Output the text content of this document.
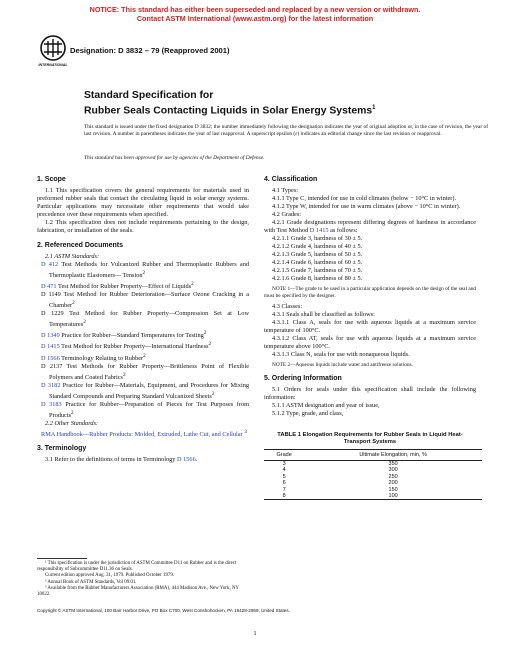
NOTICE: This standard has either been superseded and replaced by a new version or withdrawn.
Contact ASTM International (www.astm.org) for the latest information
INTERNATIONAL
Designation: D 3832 – 79 (Reapproved 2001)
Standard Specification for
Rubber Seals Contacting Liquids in Solar Energy Systems$^1$
This standard is issued under the fixed designation D 3832; the number immediately following the designation indicates the year of original adoption or, in the case of revision, the year of last revision. A number in parentheses indicates the year of last reapproval. A superscript epsilon (ε) indicates an editorial change since the last revision or reapproval.
This standard has been approved for use by agencies of the Department of Defense.
1. Scope

1.1 This specification covers the general requirements for materials used in preformed rubber seals that contact the circulating liquid in solar energy systems. Particular applications may necessitate other requirements that would take precedence over these requirements when specified.

1.2 This specification does not include requirements pertaining to the design, fabrication, or installation of the seals.

2. Referenced Documents

2.1 ASTM Standards:

D 412 Test Methods for Vulcanized Rubber and Thermoplastic Rubbers and Thermoplastic Elastomers— Tension$^2$

D 471 Test Method for Rubber Property—Effect of Liquids$^2$

D 1149 Test Method for Rubber Deterioration—Surface Ozone Cracking in a Chamber$^2$

D 1229 Test Method for Rubber Property—Compression Set at Low Temperatures$^2$

D 1349 Practice for Rubber—Standard Temperatures for Testing$^2$

D 1415 Test Method for Rubber Property—International Hardness$^2$

D 1566 Terminology Relating to Rubber$^2$

D 2137 Test Methods for Rubber Property—Brittleness Point of Flexible Polymers and Coated Fabrics$^2$

D 3182 Practice for Rubber—Materials, Equipment, and Procedures for Mixing Standard Compounds and Preparing Standard Vulcanized Sheets$^2$

D 3183 Practice for Rubber—Preparation of Pieces for Test Purposes from Products$^2$

2.2 Other Standards:

RMA Handbook—Rubber Products: Molded, Extruded, Lathe Cut, and Cellular $^3$

3. Terminology

3.1 Refer to the definitions of terms in Terminology D 1566.

¹ This specification is under the jurisdiction of ASTM Committee D11 on Rubber and is the direct responsibility of Subcommittee D11.36 on Seals.

Current edition approved Aug. 31, 1979. Published October 1979.

² Annual Book of ASTM Standards, Vol 09.01.

³ Available from the Rubber Manufacturers Association (RMA), 444 Madison Ave., New York, NY 10022.

4. Classification

4.1 Types:

4.1.1 Type C, intended for use in cold climates (below − 10°C in winter).

4.1.2 Type W, intended for use in warm climates (above − 10°C in winter).

4.2 Grades:

4.2.1 Grade designations represent differing degrees of hardness in accordance with Test Method D 1415 as follows:

4.2.1.1 Grade 3, hardness of 30 ± 5.

4.2.1.2 Grade 4, hardness of 40 ± 5.

4.2.1.3 Grade 5, hardness of 50 ± 5.

4.2.1.4 Grade 6, hardness of 60 ± 5.

4.2.1.5 Grade 7, hardness of 70 ± 5.

4.2.1.6 Grade 8, hardness of 80 ± 5.

NOTE 1—The grade to be used in a particular application depends on the design of the seal and must be specified by the designer.

4.3 Classes:

4.3.1 Seals shall be classified as follows:

4.3.1.1 Class A, seals for use with aqueous liquids at a maximum service temperature of 100°C.

4.3.1.2 Class AT, seals for use with aqueous liquids at a maximum service temperature above 100°C.

4.3.1.3 Class N, seals for use with nonaqueous liquids.

NOTE 2—Aqueous liquids include water and antifreeze solutions.

5. Ordering Information

5.1 Orders for seals under this specification shall include the following information:

5.1.1 ASTM designation and year of issue,

5.1.2 Type, grade, and class,

TABLE 1 Elongation Requirements for Rubber Seals in Liquid Heat-Transport Systems
Grade	Ultimate Elongation, min, %
3	350
4	300
5	250
6	200
7	150
8	100
Copyright © ASTM International, 100 Barr Harbor Drive, PO Box C700, West Conshohocken, PA 19428-2959, United States.
1
